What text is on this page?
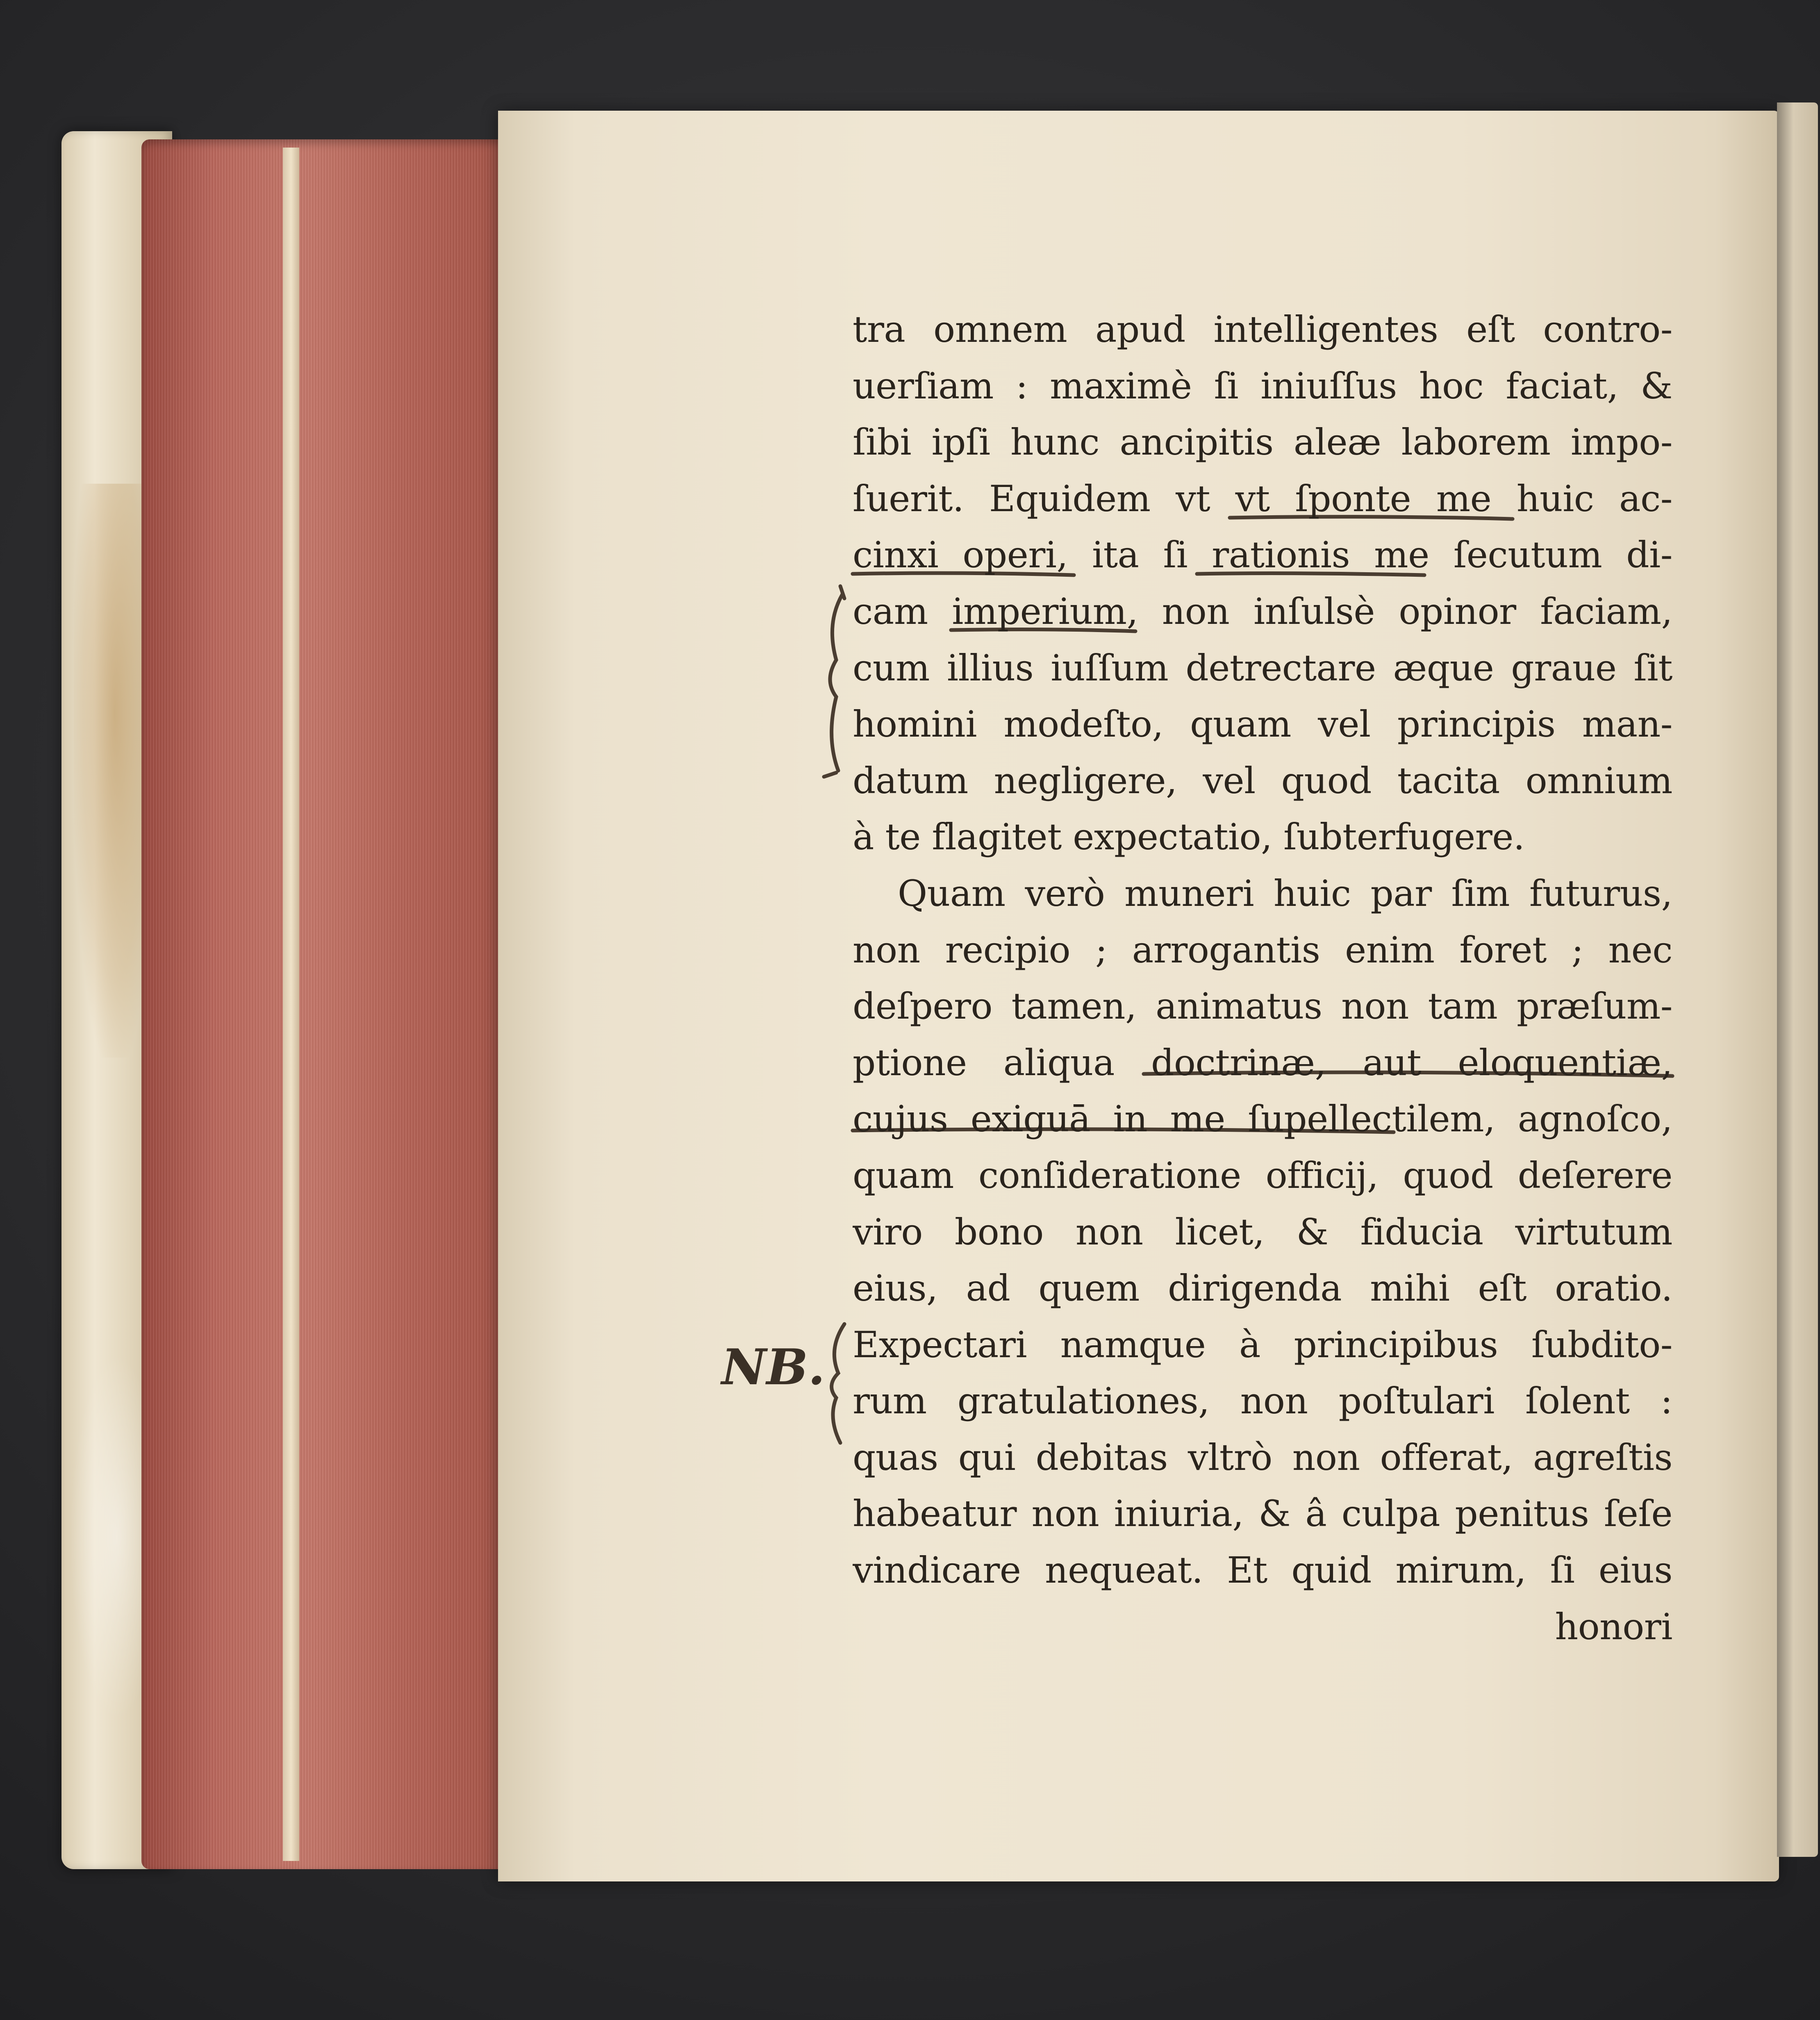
NB.
tra omnem apud intelligentes eſt contro-
uerſiam : maximè ſi iniuſſus hoc faciat, &
ſibi ipſi hunc ancipitis aleæ laborem impo-
ſuerit. Equidem vt vt ſponte me huic ac-
cinxi operi, ita ſi rationis me ſecutum di-
cam imperium, non inſulsè opinor faciam,
cum illius iuſſum detrectare æque graue ſit
homini modeſto, quam vel principis man-
datum negligere, vel quod tacita omnium
à te flagitet expectatio, ſubterfugere.
Quam verò muneri huic par ſim futurus,
non recipio ; arrogantis enim foret ; nec
deſpero tamen, animatus non tam præſum-
ptione aliqua doctrinæ, aut eloquentiæ,
cujus exiguā in me ſupellectilem, agnoſco,
quam conſideratione officij, quod deſerere
viro bono non licet, & fiducia virtutum
eius, ad quem dirigenda mihi eſt oratio.
Expectari namque à principibus ſubdito-
rum gratulationes, non poſtulari ſolent :
quas qui debitas vltrò non offerat, agreſtis
habeatur non iniuria, & â culpa penitus ſeſe
vindicare nequeat. Et quid mirum, ſi eius
honori
